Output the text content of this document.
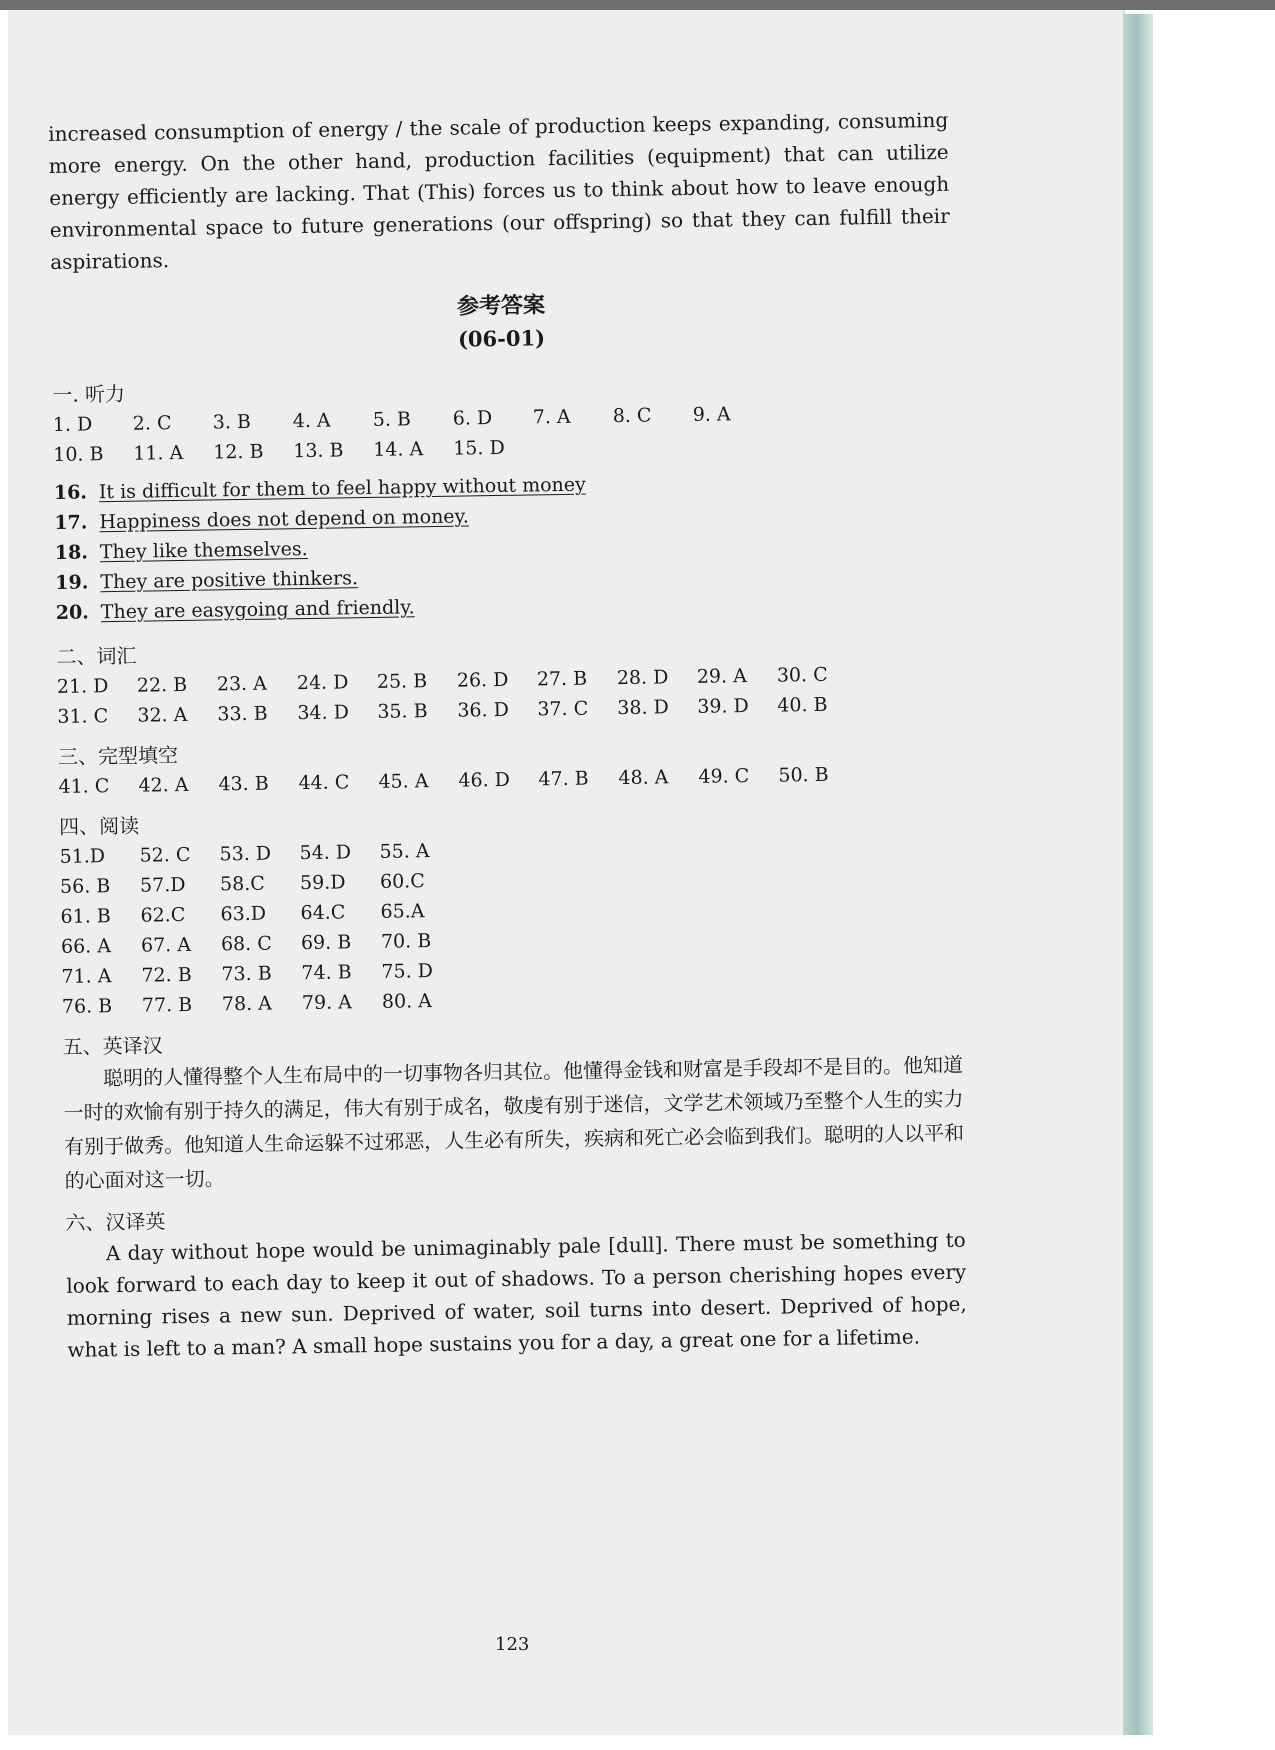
increased consumption of energy / the scale of production keeps expanding, consuming more energy. On the other hand, production facilities (equipment) that can utilize energy efficiently are lacking. That (This) forces us to think about how to leave enough environmental space to future generations (our offspring) so that they can fulfill their aspirations.

参考答案

(06-01)

一. 听力

1. D	2. C	3. B	4. A	5. B	6. D	7. A	8. C	9. A
10. B	11. A	12. B	13. B	14. A	15. D
16. It is difficult for them to feel happy without money
17. Happiness does not depend on money.
18. They like themselves.
19. They are positive thinkers.
20. They are easygoing and friendly.

二、词汇

21. D	22. B	23. A	24. D	25. B	26. D	27. B	28. D	29. A	30. C
31. C	32. A	33. B	34. D	35. B	36. D	37. C	38. D	39. D	40. B

三、完型填空

41. C	42. A	43. B	44. C	45. A	46. D	47. B	48. A	49. C	50. B

四、阅读

51.D	52. C	53. D	54. D	55. A
56. B	57.D	58.C	59.D	60.C
61. B	62.C	63.D	64.C	65.A
66. A	67. A	68. C	69. B	70. B
71. A	72. B	73. B	74. B	75. D
76. B	77. B	78. A	79. A	80. A

五、英译汉

聪明的人懂得整个人生布局中的一切事物各归其位。他懂得金钱和财富是手段却不是目的。他知道一时的欢愉有别于持久的满足，伟大有别于成名，敬虔有别于迷信，文学艺术领域乃至整个人生的实力有别于做秀。他知道人生命运躲不过邪恶，人生必有所失，疾病和死亡必会临到我们。聪明的人以平和的心面对这一切。

六、汉译英

A day without hope would be unimaginably pale [dull]. There must be something to look forward to each day to keep it out of shadows. To a person cherishing hopes every morning rises a new sun. Deprived of water, soil turns into desert. Deprived of hope, what is left to a man? A small hope sustains you for a day, a great one for a lifetime.

123
